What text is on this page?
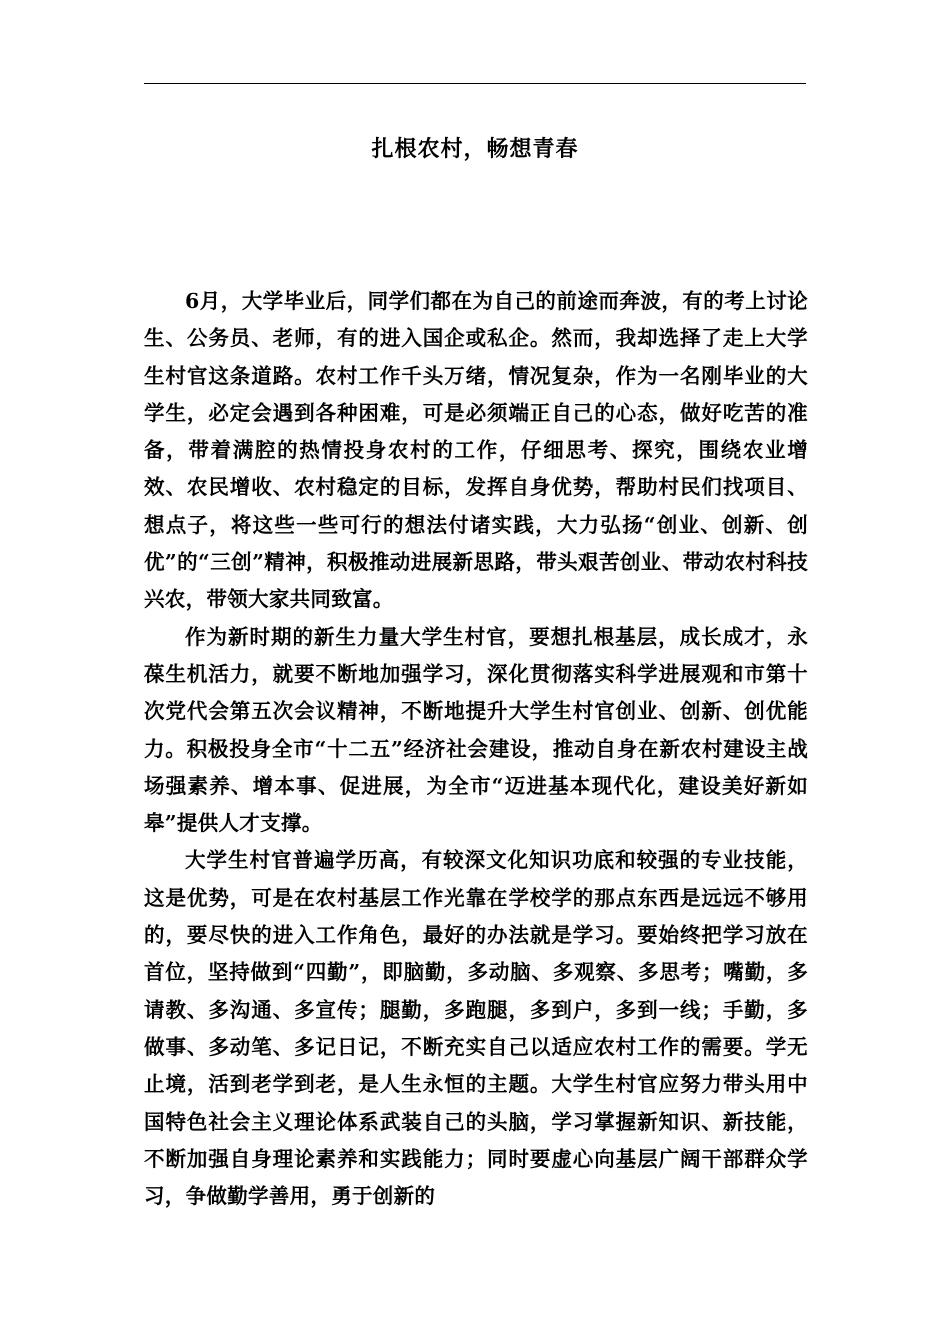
扎根农村，畅想青春

6月，大学毕业后，同学们都在为自己的前途而奔波，有的考上讨论生、公务员、老师，有的进入国企或私企。然而，我却选择了走上大学生村官这条道路。农村工作千头万绪，情况复杂，作为一名刚毕业的大学生，必定会遇到各种困难，可是必须端正自己的心态，做好吃苦的准备，带着满腔的热情投身农村的工作，仔细思考、探究，围绕农业增效、农民增收、农村稳定的目标，发挥自身优势，帮助村民们找项目、想点子，将这些一些可行的想法付诸实践，大力弘扬“创业、创新、创优”的“三创”精神，积极推动进展新思路，带头艰苦创业、带动农村科技兴农，带领大家共同致富。

作为新时期的新生力量大学生村官，要想扎根基层，成长成才，永葆生机活力，就要不断地加强学习，深化贯彻落实科学进展观和市第十次党代会第五次会议精神，不断地提升大学生村官创业、创新、创优能力。积极投身全市“十二五”经济社会建设，推动自身在新农村建设主战场强素养、增本事、促进展，为全市“迈进基本现代化，建设美好新如皋”提供人才支撑。

大学生村官普遍学历高，有较深文化知识功底和较强的专业技能，这是优势，可是在农村基层工作光靠在学校学的那点东西是远远不够用的，要尽快的进入工作角色，最好的办法就是学习。要始终把学习放在首位，坚持做到“四勤”，即脑勤，多动脑、多观察、多思考；嘴勤，多请教、多沟通、多宣传；腿勤，多跑腿，多到户，多到一线；手勤，多做事、多动笔、多记日记，不断充实自己以适应农村工作的需要。学无止境，活到老学到老，是人生永恒的主题。大学生村官应努力带头用中国特色社会主义理论体系武装自己的头脑，学习掌握新知识、新技能，不断加强自身理论素养和实践能力；同时要虚心向基层广阔干部群众学习，争做勤学善用，勇于创新的
